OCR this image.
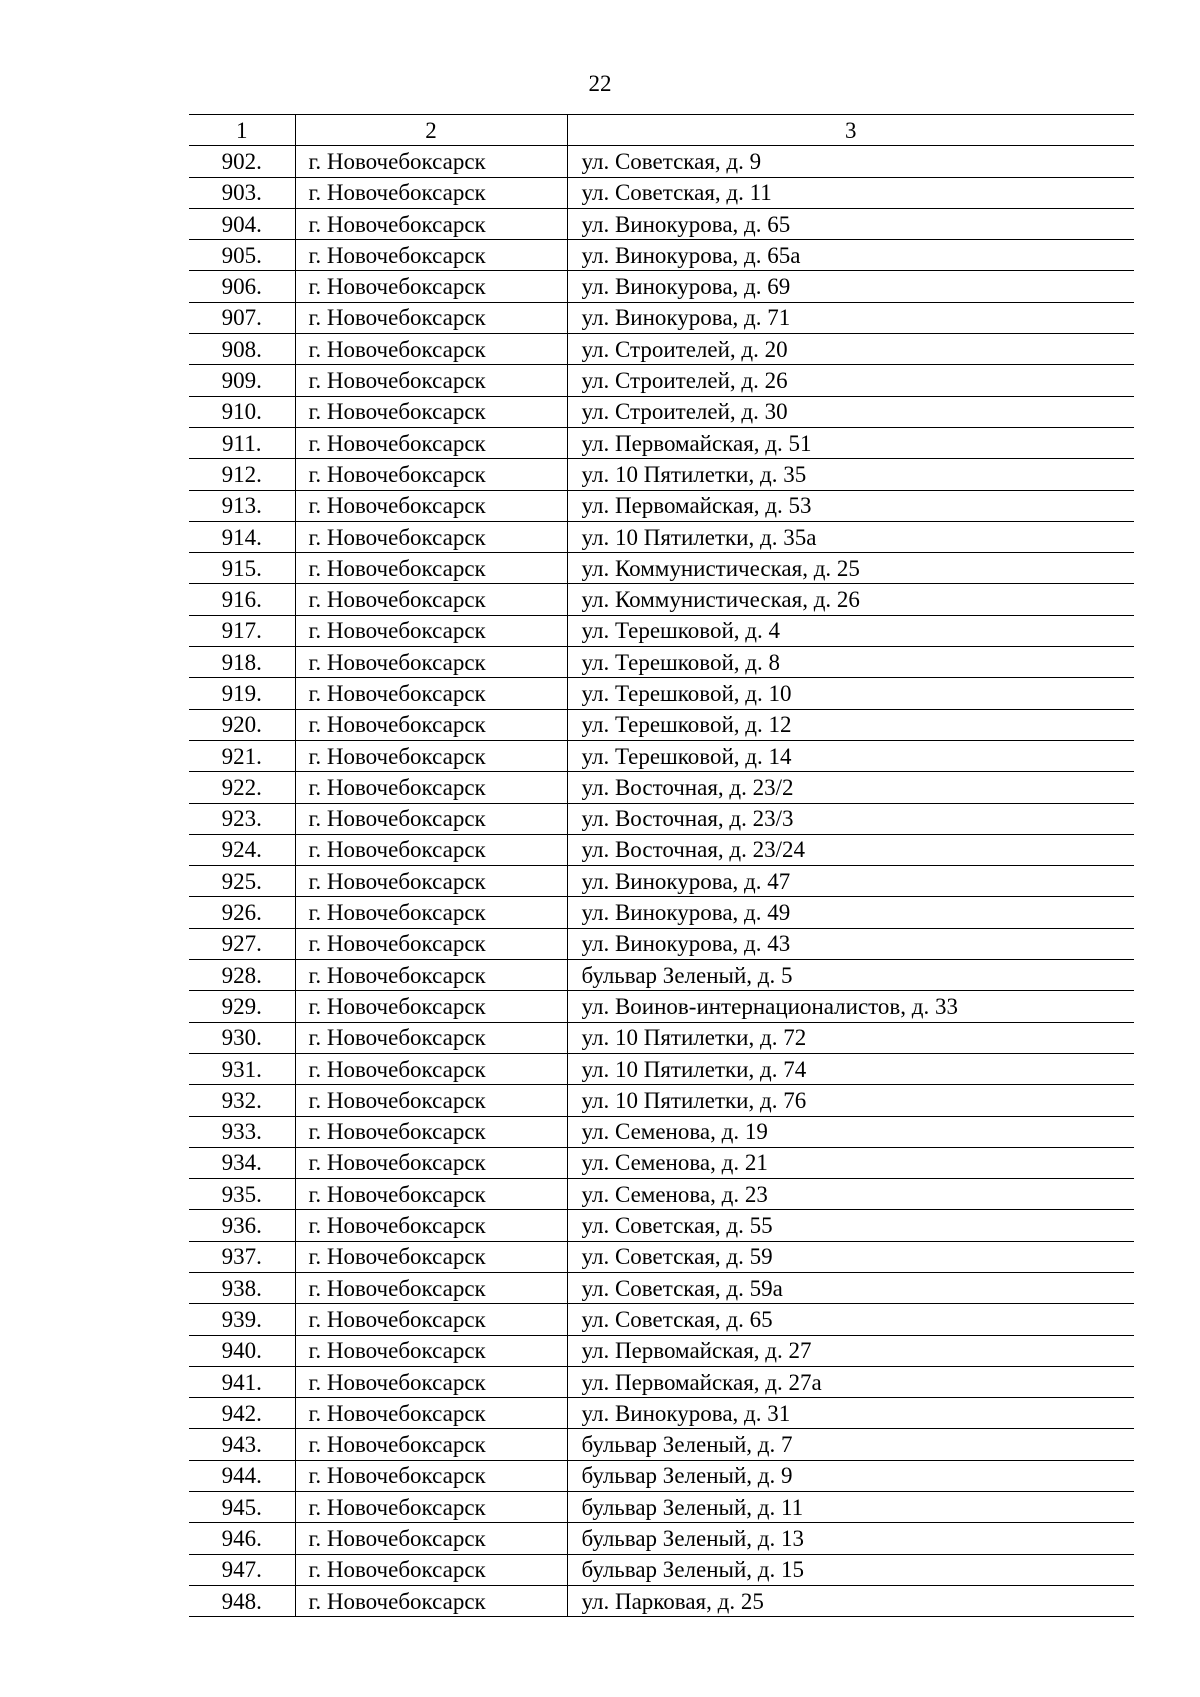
22
1	2	3
902.	г. Новочебоксарск	ул. Советская, д. 9
903.	г. Новочебоксарск	ул. Советская, д. 11
904.	г. Новочебоксарск	ул. Винокурова, д. 65
905.	г. Новочебоксарск	ул. Винокурова, д. 65а
906.	г. Новочебоксарск	ул. Винокурова, д. 69
907.	г. Новочебоксарск	ул. Винокурова, д. 71
908.	г. Новочебоксарск	ул. Строителей, д. 20
909.	г. Новочебоксарск	ул. Строителей, д. 26
910.	г. Новочебоксарск	ул. Строителей, д. 30
911.	г. Новочебоксарск	ул. Первомайская, д. 51
912.	г. Новочебоксарск	ул. 10 Пятилетки, д. 35
913.	г. Новочебоксарск	ул. Первомайская, д. 53
914.	г. Новочебоксарск	ул. 10 Пятилетки, д. 35а
915.	г. Новочебоксарск	ул. Коммунистическая, д. 25
916.	г. Новочебоксарск	ул. Коммунистическая, д. 26
917.	г. Новочебоксарск	ул. Терешковой, д. 4
918.	г. Новочебоксарск	ул. Терешковой, д. 8
919.	г. Новочебоксарск	ул. Терешковой, д. 10
920.	г. Новочебоксарск	ул. Терешковой, д. 12
921.	г. Новочебоксарск	ул. Терешковой, д. 14
922.	г. Новочебоксарск	ул. Восточная, д. 23/2
923.	г. Новочебоксарск	ул. Восточная, д. 23/3
924.	г. Новочебоксарск	ул. Восточная, д. 23/24
925.	г. Новочебоксарск	ул. Винокурова, д. 47
926.	г. Новочебоксарск	ул. Винокурова, д. 49
927.	г. Новочебоксарск	ул. Винокурова, д. 43
928.	г. Новочебоксарск	бульвар Зеленый, д. 5
929.	г. Новочебоксарск	ул. Воинов-интернационалистов, д. 33
930.	г. Новочебоксарск	ул. 10 Пятилетки, д. 72
931.	г. Новочебоксарск	ул. 10 Пятилетки, д. 74
932.	г. Новочебоксарск	ул. 10 Пятилетки, д. 76
933.	г. Новочебоксарск	ул. Семенова, д. 19
934.	г. Новочебоксарск	ул. Семенова, д. 21
935.	г. Новочебоксарск	ул. Семенова, д. 23
936.	г. Новочебоксарск	ул. Советская, д. 55
937.	г. Новочебоксарск	ул. Советская, д. 59
938.	г. Новочебоксарск	ул. Советская, д. 59а
939.	г. Новочебоксарск	ул. Советская, д. 65
940.	г. Новочебоксарск	ул. Первомайская, д. 27
941.	г. Новочебоксарск	ул. Первомайская, д. 27а
942.	г. Новочебоксарск	ул. Винокурова, д. 31
943.	г. Новочебоксарск	бульвар Зеленый, д. 7
944.	г. Новочебоксарск	бульвар Зеленый, д. 9
945.	г. Новочебоксарск	бульвар Зеленый, д. 11
946.	г. Новочебоксарск	бульвар Зеленый, д. 13
947.	г. Новочебоксарск	бульвар Зеленый, д. 15
948.	г. Новочебоксарск	ул. Парковая, д. 25
